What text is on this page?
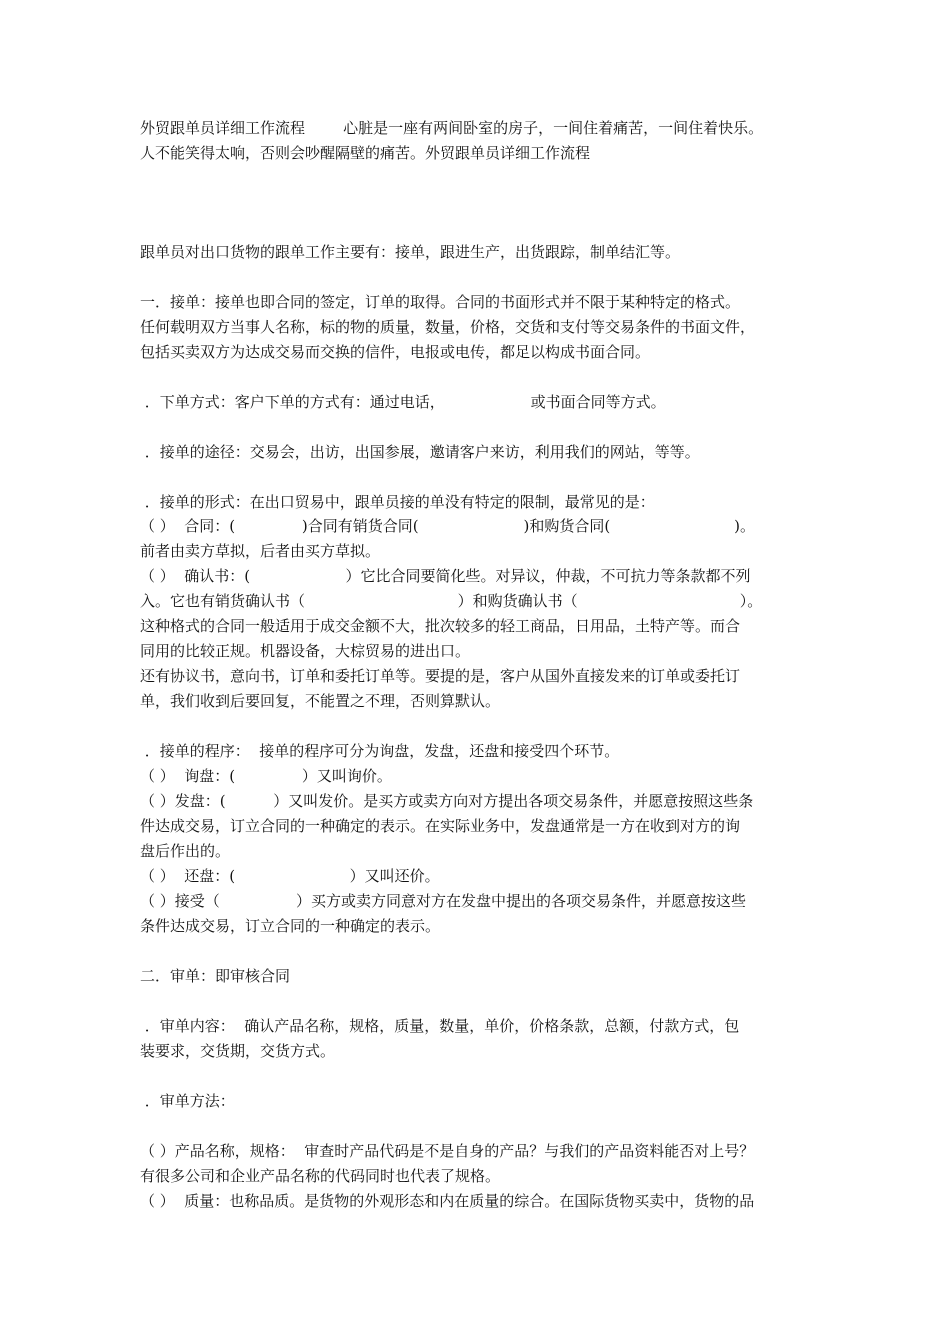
外贸跟单员详细工作流程        心脏是一座有两间卧室的房子，一间住着痛苦，一间住着快乐。
人不能笑得太响，否则会吵醒隔壁的痛苦。外贸跟单员详细工作流程
跟单员对出口货物的跟单工作主要有：接单，跟进生产，出货跟踪，制单结汇等。
一．接单：接单也即合同的签定，订单的取得。合同的书面形式并不限于某种特定的格式。
任何载明双方当事人名称，标的物的质量，数量，价格，交货和支付等交易条件的书面文件，
包括买卖双方为达成交易而交换的信件，电报或电传，都足以构成书面合同。
．下单方式：客户下单的方式有：通过电话，                  或书面合同等方式。
．接单的途径：交易会，出访，出国参展，邀请客户来访，利用我们的网站，等等。
．接单的形式：在出口贸易中，跟单员接的单没有特定的限制，最常见的是：
（ ）  合同：(              )合同有销货合同(                      )和购货合同(                          )。
前者由卖方草拟，后者由买方草拟。
（ ）  确认书：(                    ）它比合同要简化些。对异议，仲裁，不可抗力等条款都不列
入。它也有销货确认书（                                ）和购货确认书（                                  ）。
这种格式的合同一般适用于成交金额不大，批次较多的轻工商品，日用品，土特产等。而合
同用的比较正规。机器设备，大棕贸易的进出口。
还有协议书，意向书，订单和委托订单等。要提的是，客户从国外直接发来的订单或委托订
单，我们收到后要回复，不能置之不理，否则算默认。
．接单的程序：  接单的程序可分为询盘，发盘，还盘和接受四个环节。
（ ）  询盘：(              ）又叫询价。
（ ）发盘：(          ）又叫发价。是买方或卖方向对方提出各项交易条件，并愿意按照这些条
件达成交易，订立合同的一种确定的表示。在实际业务中，发盘通常是一方在收到对方的询
盘后作出的。
（ ）  还盘：(                        ）又叫还价。
（ ）接受（                ）买方或卖方同意对方在发盘中提出的各项交易条件，并愿意按这些
条件达成交易，订立合同的一种确定的表示。
二．审单：即审核合同
．审单内容：  确认产品名称，规格，质量，数量，单价，价格条款，总额，付款方式，包
装要求，交货期，交货方式。
．审单方法：
（ ）产品名称，规格：  审查时产品代码是不是自身的产品？与我们的产品资料能否对上号？
有很多公司和企业产品名称的代码同时也代表了规格。
（ ）  质量：也称品质。是货物的外观形态和内在质量的综合。在国际货物买卖中，货物的品
